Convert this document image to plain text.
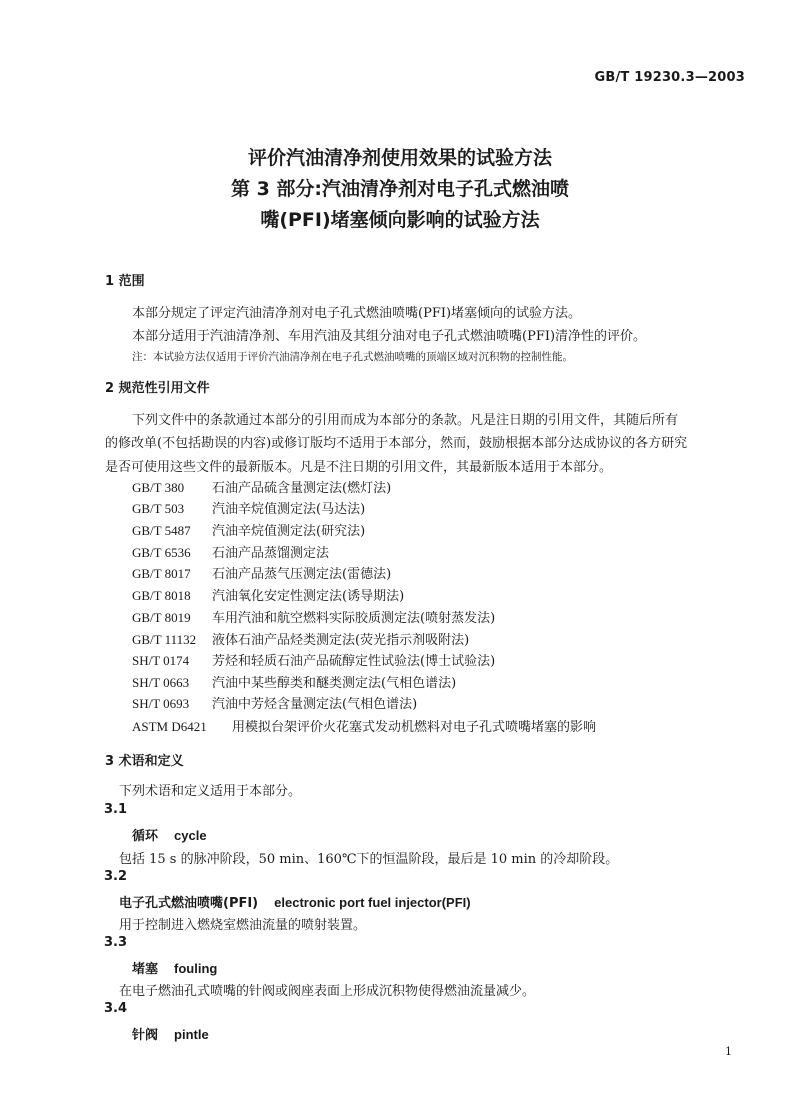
GB/T 19230.3—2003
评价汽油清净剂使用效果的试验方法
第 3 部分:汽油清净剂对电子孔式燃油喷
嘴(PFI)堵塞倾向影响的试验方法
1 范围
本部分规定了评定汽油清净剂对电子孔式燃油喷嘴(PFI)堵塞倾向的试验方法。
本部分适用于汽油清净剂、车用汽油及其组分油对电子孔式燃油喷嘴(PFI)清净性的评价。
注：本试验方法仅适用于评价汽油清净剂在电子孔式燃油喷嘴的顶端区域对沉积物的控制性能。
2 规范性引用文件
下列文件中的条款通过本部分的引用而成为本部分的条款。凡是注日期的引用文件，其随后所有
的修改单(不包括勘误的内容)或修订版均不适用于本部分，然而，鼓励根据本部分达成协议的各方研究
是否可使用这些文件的最新版本。凡是不注日期的引用文件，其最新版本适用于本部分。
GB/T 380 石油产品硫含量测定法(燃灯法)
GB/T 503 汽油辛烷值测定法(马达法)
GB/T 5487 汽油辛烷值测定法(研究法)
GB/T 6536 石油产品蒸馏测定法
GB/T 8017 石油产品蒸气压测定法(雷德法)
GB/T 8018 汽油氧化安定性测定法(诱导期法)
GB/T 8019 车用汽油和航空燃料实际胶质测定法(喷射蒸发法)
GB/T 11132 液体石油产品烃类测定法(荧光指示剂吸附法)
SH/T 0174 芳烃和轻质石油产品硫醇定性试验法(博士试验法)
SH/T 0663 汽油中某些醇类和醚类测定法(气相色谱法)
SH/T 0693 汽油中芳烃含量测定法(气相色谱法)
ASTM D6421 用模拟台架评价火花塞式发动机燃料对电子孔式喷嘴堵塞的影响
3 术语和定义
下列术语和定义适用于本部分。
3.1
循环 cycle
包括 15 s 的脉冲阶段，50 min、160℃下的恒温阶段，最后是 10 min 的冷却阶段。
3.2
电子孔式燃油喷嘴(PFI) electronic port fuel injector(PFI)
用于控制进入燃烧室燃油流量的喷射装置。
3.3
堵塞 fouling
在电子燃油孔式喷嘴的针阀或阀座表面上形成沉积物使得燃油流量减少。
3.4
针阀 pintle
1
